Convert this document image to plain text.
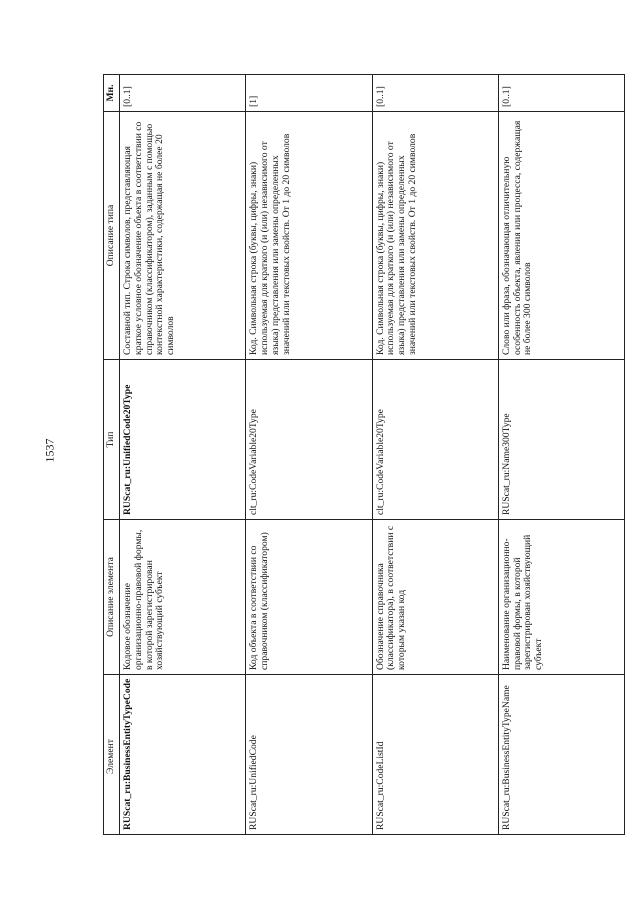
1537
Элемент	Описание элемента	Тип	Описание типа	Мн.
RUScat_ru:BusinessEntityTypeCode	Кодовое обозначение организационно-правовой формы, в которой зарегистрирован хозяйствующий субъект	RUScat_ru:UnifiedCode20Type	Составной тип. Строка символов, представляющая краткое условное обозначение объекта в соответствии со справочником (классификатором), заданным с помощью контекстной характеристики, содержащая не более 20 символов	[0..1]
RUScat_ru:UnifiedCode	Код объекта в соответствии со справочником (классификатором)	clt_ru:CodeVariable20Type	Код. Символьная строка (буквы, цифры, знаки) используемая для краткого (и (или) независимого от языка) представления или замены определенных значений или текстовых свойств. От 1 до 20 символов	[1]
RUScat_ru:CodeListId	Обозначение справочника (классификатора), в соответствии с которым указан код	clt_ru:CodeVariable20Type	Код. Символьная строка (буквы, цифры, знаки) используемая для краткого (и (или) независимого от языка) представления или замены определенных значений или текстовых свойств. От 1 до 20 символов	[0..1]
RUScat_ru:BusinessEntityTypeName	Наименование организационно-правовой формы, в которой зарегистрирован хозяйствующий субъект	RUScat_ru:Name300Type	Слово или фраза, обозначающая отличительную особенность объекта, явления или процесса, содержащая не более 300 символов	[0..1]
